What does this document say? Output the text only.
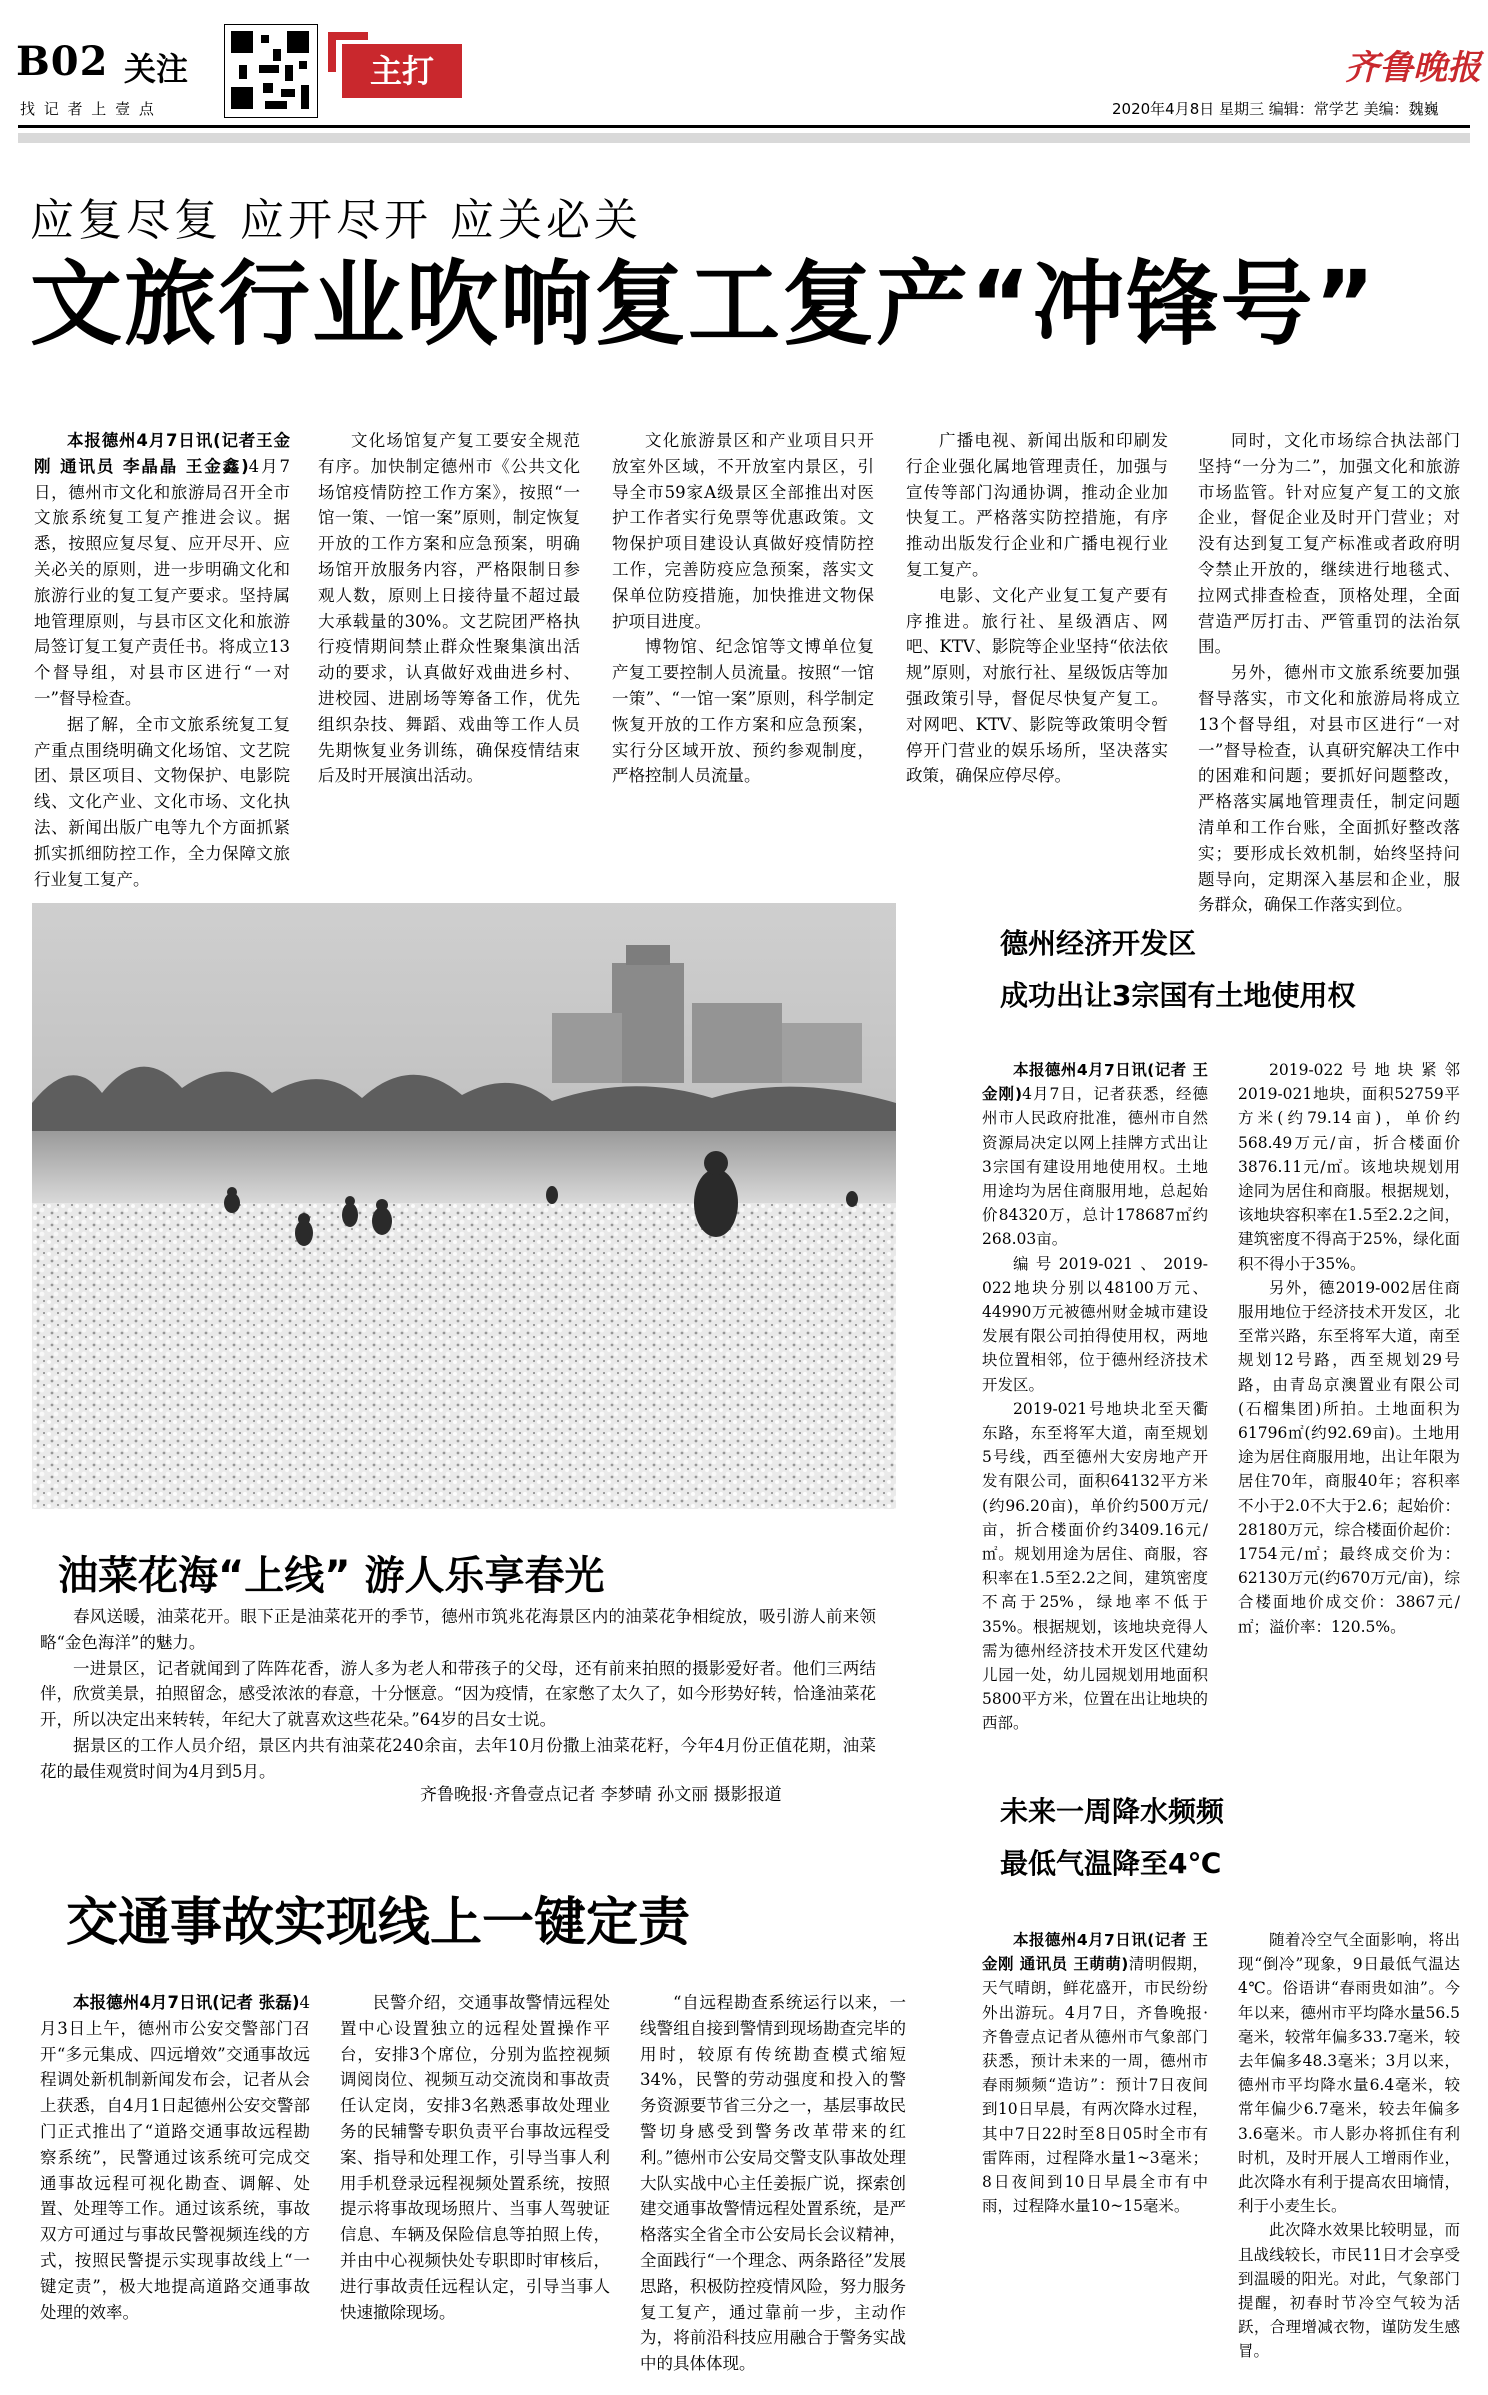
B02 关注
找 记 者 上 壹 点
主打	齐鲁晚报
2020年4月8日 星期三 编辑：常学艺 美编：魏巍
应复尽复 应开尽开 应关必关
文旅行业吹响复工复产“冲锋号”

本报德州4月7日讯(记者王金刚 通讯员 李晶晶 王金鑫)4月7日，德州市文化和旅游局召开全市文旅系统复工复产推进会议。据悉，按照应复尽复、应开尽开、应关必关的原则，进一步明确文化和旅游行业的复工复产要求。坚持属地管理原则，与县市区文化和旅游局签订复工复产责任书。将成立13个督导组，对县市区进行“一对一”督导检查。

据了解，全市文旅系统复工复产重点围绕明确文化场馆、文艺院团、景区项目、文物保护、电影院线、文化产业、文化市场、文化执法、新闻出版广电等九个方面抓紧抓实抓细防控工作，全力保障文旅行业复工复产。

文化场馆复产复工要安全规范有序。加快制定德州市《公共文化场馆疫情防控工作方案》，按照“一馆一策、一馆一案”原则，制定恢复开放的工作方案和应急预案，明确场馆开放服务内容，严格限制日参观人数，原则上日接待量不超过最大承载量的30%。文艺院团严格执行疫情期间禁止群众性聚集演出活动的要求，认真做好戏曲进乡村、进校园、进剧场等筹备工作，优先组织杂技、舞蹈、戏曲等工作人员先期恢复业务训练，确保疫情结束后及时开展演出活动。

文化旅游景区和产业项目只开放室外区域，不开放室内景区，引导全市59家A级景区全部推出对医护工作者实行免票等优惠政策。文物保护项目建设认真做好疫情防控工作，完善防疫应急预案，落实文保单位防疫措施，加快推进文物保护项目进度。

博物馆、纪念馆等文博单位复产复工要控制人员流量。按照“一馆一策”、“一馆一案”原则，科学制定恢复开放的工作方案和应急预案，实行分区域开放、预约参观制度，严格控制人员流量。

广播电视、新闻出版和印刷发行企业强化属地管理责任，加强与宣传等部门沟通协调，推动企业加快复工。严格落实防控措施，有序推动出版发行企业和广播电视行业复工复产。

电影、文化产业复工复产要有序推进。旅行社、星级酒店、网吧、KTV、影院等企业坚持“依法依规”原则，对旅行社、星级饭店等加强政策引导，督促尽快复产复工。对网吧、KTV、影院等政策明令暂停开门营业的娱乐场所，坚决落实政策，确保应停尽停。

同时，文化市场综合执法部门坚持“一分为二”，加强文化和旅游市场监管。针对应复产复工的文旅企业，督促企业及时开门营业；对没有达到复工复产标准或者政府明令禁止开放的，继续进行地毯式、拉网式排查检查，顶格处理，全面营造严厉打击、严管重罚的法治氛围。

另外，德州市文旅系统要加强督导落实，市文化和旅游局将成立13个督导组，对县市区进行“一对一”督导检查，认真研究解决工作中的困难和问题；要抓好问题整改，严格落实属地管理责任，制定问题清单和工作台账，全面抓好整改落实；要形成长效机制，始终坚持问题导向，定期深入基层和企业，服务群众，确保工作落实到位。

油菜花海“上线” 游人乐享春光

春风送暖，油菜花开。眼下正是油菜花开的季节，德州市筑兆花海景区内的油菜花争相绽放，吸引游人前来领略“金色海洋”的魅力。

一进景区，记者就闻到了阵阵花香，游人多为老人和带孩子的父母，还有前来拍照的摄影爱好者。他们三两结伴，欣赏美景，拍照留念，感受浓浓的春意，十分惬意。“因为疫情，在家憋了太久了，如今形势好转，恰逢油菜花开，所以决定出来转转，年纪大了就喜欢这些花朵。”64岁的吕女士说。

据景区的工作人员介绍，景区内共有油菜花240余亩，去年10月份撒上油菜花籽，今年4月份正值花期，油菜花的最佳观赏时间为4月到5月。

齐鲁晚报·齐鲁壹点记者 李梦晴 孙文丽 摄影报道
德州经济开发区
成功出让3宗国有土地使用权

本报德州4月7日讯(记者 王金刚)4月7日，记者获悉，经德州市人民政府批准，德州市自然资源局决定以网上挂牌方式出让3宗国有建设用地使用权。土地用途均为居住商服用地，总起始价84320万，总计178687㎡约268.03亩。

编号2019-021、2019-022地块分别以48100万元、44990万元被德州财金城市建设发展有限公司拍得使用权，两地块位置相邻，位于德州经济技术开发区。

2019-021号地块北至天衢东路，东至将军大道，南至规划5号线，西至德州大安房地产开发有限公司，面积64132平方米(约96.20亩)，单价约500万元/亩，折合楼面价约3409.16元/㎡。规划用途为居住、商服，容积率在1.5至2.2之间，建筑密度不高于25%，绿地率不低于35%。根据规划，该地块竞得人需为德州经济技术开发区代建幼儿园一处，幼儿园规划用地面积5800平方米，位置在出让地块的西部。

2019-022号地块紧邻2019-021地块，面积52759平方米(约79.14亩)，单价约568.49万元/亩，折合楼面价3876.11元/㎡。该地块规划用途同为居住和商服。根据规划，该地块容积率在1.5至2.2之间，建筑密度不得高于25%，绿化面积不得小于35%。

另外，德2019-002居住商服用地位于经济技术开发区，北至常兴路，东至将军大道，南至规划12号路，西至规划29号路，由青岛京澳置业有限公司(石榴集团)所拍。土地面积为61796㎡(约92.69亩)。土地用途为居住商服用地，出让年限为居住70年，商服40年；容积率不小于2.0不大于2.6；起始价：28180万元，综合楼面价起价：1754元/㎡；最终成交价为：62130万元(约670万元/亩)，综合楼面地价成交价：3867元/㎡；溢价率：120.5%。

未来一周降水频频
最低气温降至4℃

本报德州4月7日讯(记者 王金刚 通讯员 王萌萌)清明假期，天气晴朗，鲜花盛开，市民纷纷外出游玩。4月7日，齐鲁晚报·齐鲁壹点记者从德州市气象部门获悉，预计未来的一周，德州市春雨频频“造访”：预计7日夜间到10日早晨，有两次降水过程，其中7日22时至8日05时全市有雷阵雨，过程降水量1~3毫米；8日夜间到10日早晨全市有中雨，过程降水量10~15毫米。

随着冷空气全面影响，将出现“倒冷”现象，9日最低气温达4℃。俗语讲“春雨贵如油”。今年以来，德州市平均降水量56.5毫米，较常年偏多33.7毫米，较去年偏多48.3毫米；3月以来，德州市平均降水量6.4毫米，较常年偏少6.7毫米，较去年偏多3.6毫米。市人影办将抓住有利时机，及时开展人工增雨作业，此次降水有利于提高农田墒情，利于小麦生长。

此次降水效果比较明显，而且战线较长，市民11日才会享受到温暖的阳光。对此，气象部门提醒，初春时节冷空气较为活跃，合理增减衣物，谨防发生感冒。

交通事故实现线上一键定责

本报德州4月7日讯(记者 张磊)4月3日上午，德州市公安交警部门召开“多元集成、四远增效”交通事故远程调处新机制新闻发布会，记者从会上获悉，自4月1日起德州公安交警部门正式推出了“道路交通事故远程勘察系统”，民警通过该系统可完成交通事故远程可视化勘查、调解、处置、处理等工作。通过该系统，事故双方可通过与事故民警视频连线的方式，按照民警提示实现事故线上“一键定责”，极大地提高道路交通事故处理的效率。

民警介绍，交通事故警情远程处置中心设置独立的远程处置操作平台，安排3个席位，分别为监控视频调阅岗位、视频互动交流岗和事故责任认定岗，安排3名熟悉事故处理业务的民辅警专职负责平台事故远程受案、指导和处理工作，引导当事人利用手机登录远程视频处置系统，按照提示将事故现场照片、当事人驾驶证信息、车辆及保险信息等拍照上传，并由中心视频快处专职即时审核后，进行事故责任远程认定，引导当事人快速撤除现场。

“自远程勘查系统运行以来，一线警组自接到警情到现场勘查完毕的用时，较原有传统勘查模式缩短34%，民警的劳动强度和投入的警务资源要节省三分之一，基层事故民警切身感受到警务改革带来的红利。”德州市公安局交警支队事故处理大队实战中心主任姜振广说，探索创建交通事故警情远程处置系统，是严格落实全省全市公安局长会议精神，全面践行“一个理念、两条路径”发展思路，积极防控疫情风险，努力服务复工复产，通过靠前一步，主动作为，将前沿科技应用融合于警务实战中的具体体现。
